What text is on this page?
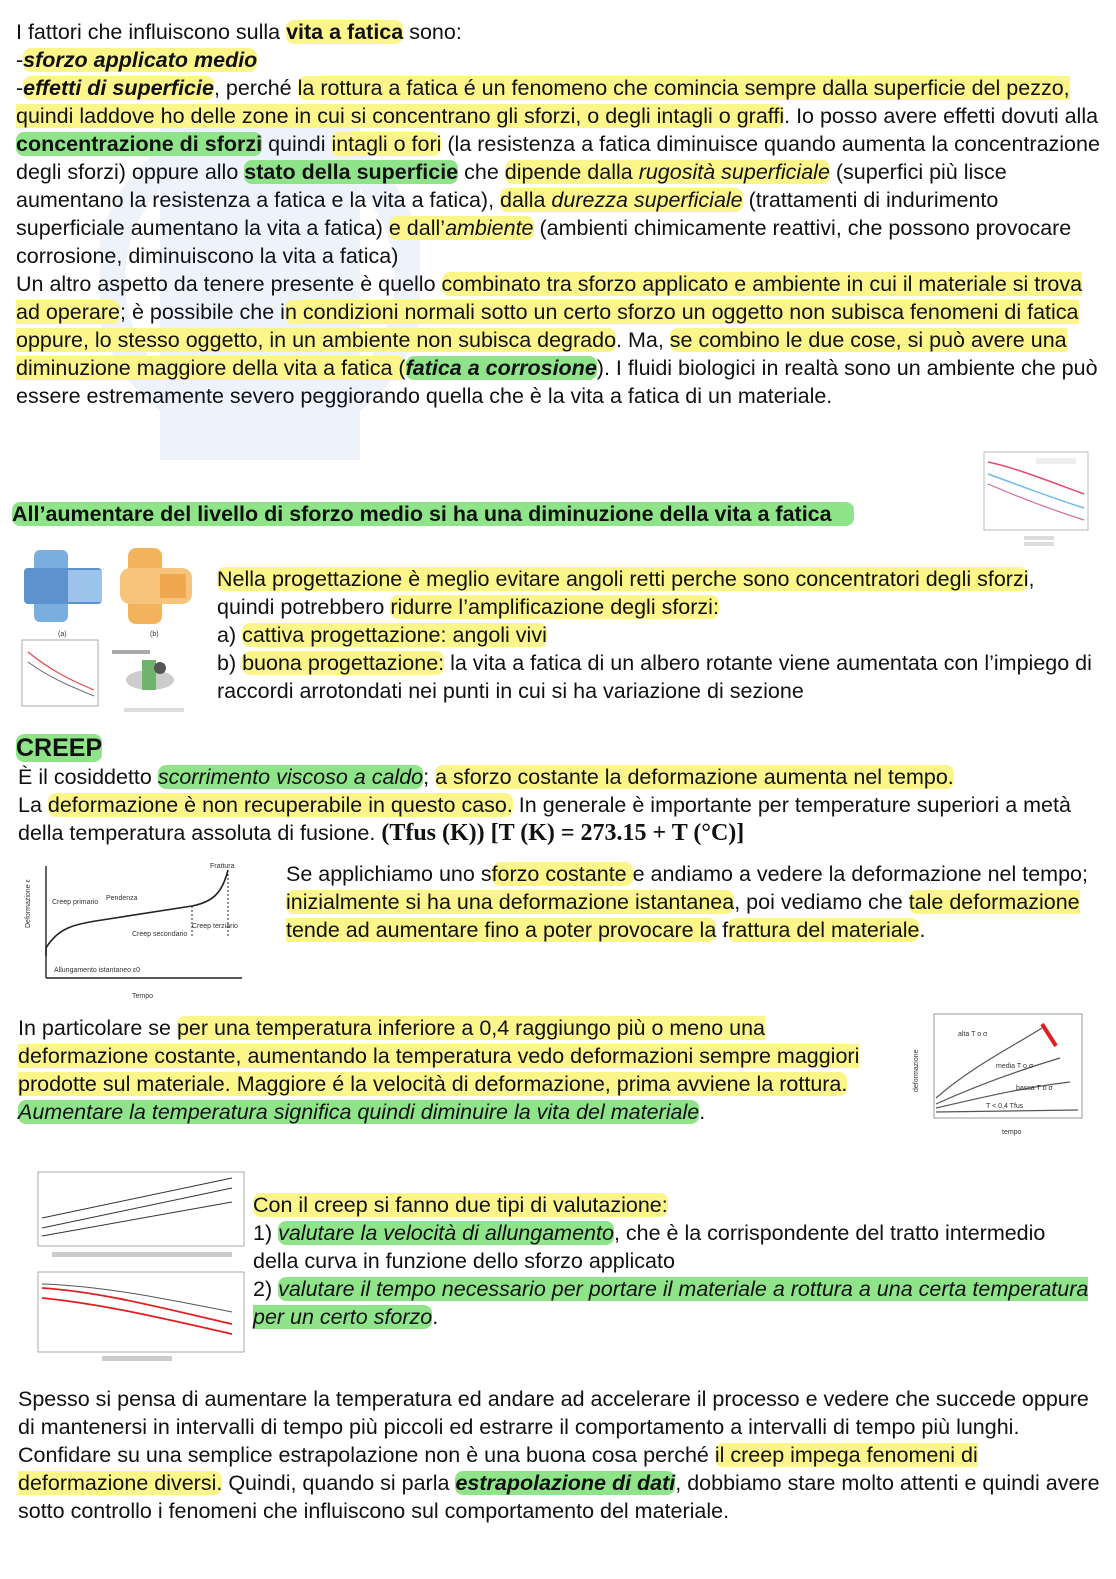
I fattori che influiscono sulla vita a fatica sono:
-sforzo applicato medio
-effetti di superficie, perché la rottura a fatica é un fenomeno che comincia sempre dalla superficie del pezzo, quindi laddove ho delle zone in cui si concentrano gli sforzi, o degli intagli o graffi. Io posso avere effetti dovuti alla concentrazione di sforzi quindi intagli o fori (la resistenza a fatica diminuisce quando aumenta la concentrazione degli sforzi) oppure allo stato della superficie che dipende dalla rugosità superficiale (superfici più lisce aumentano la resistenza a fatica e la vita a fatica), dalla durezza superficiale (trattamenti di indurimento superficiale aumentano la vita a fatica) e dall’ambiente (ambienti chimicamente reattivi, che possono provocare corrosione, diminuiscono la vita a fatica)
Un altro aspetto da tenere presente è quello combinato tra sforzo applicato e ambiente in cui il materiale si trova ad operare; è possibile che in condizioni normali sotto un certo sforzo un oggetto non subisca fenomeni di fatica oppure, lo stesso oggetto, in un ambiente non subisca degrado. Ma, se combino le due cose, si può avere una diminuzione maggiore della vita a fatica (fatica a corrosione). I fluidi biologici in realtà sono un ambiente che può essere estremamente severo peggiorando quella che è la vita a fatica di un materiale.
All’aumentare del livello di sforzo medio si ha una diminuzione della vita a fatica
(a)	(b)
Nella progettazione è meglio evitare angoli retti perche sono concentratori degli sforzi, quindi potrebbero ridurre l’amplificazione degli sforzi:
a) cattiva progettazione: angoli vivi
b) buona progettazione: la vita a fatica di un albero rotante viene aumentata con l’impiego di raccordi arrotondati nei punti in cui si ha variazione di sezione
CREEP
È il cosiddetto scorrimento viscoso a caldo; a sforzo costante la deformazione aumenta nel tempo.
La deformazione è non recuperabile in questo caso. In generale è importante per temperature superiori a metà della temperatura assoluta di fusione. (Tfus (K)) [T (K) = 273.15 + T (°C)]
Deformazione ε
Tempo
Allungamento istantaneo ε0
Creep primario
Pendenza
Creep secondario
Creep terziario
Frattura Se applichiamo uno sforzo costante e andiamo a vedere la deformazione nel tempo; inizialmente si ha una deformazione istantanea, poi vediamo che tale deformazione tende ad aumentare fino a poter provocare la frattura del materiale.
In particolare se per una temperatura inferiore a 0,4 raggiungo più o meno una deformazione costante, aumentando la temperatura vedo deformazioni sempre maggiori prodotte sul materiale. Maggiore é la velocità di deformazione, prima avviene la rottura.
Aumentare la temperatura significa quindi diminuire la vita del materiale.
deformazione
tempo
alta T o σ
media T o σ
bassa T o σ
T < 0,4 Tfus
Con il creep si fanno due tipi di valutazione:
1) valutare la velocità di allungamento, che è la corrispondente del tratto intermedio della curva in funzione dello sforzo applicato
2) valutare il tempo necessario per portare il materiale a rottura a una certa temperatura per un certo sforzo.
Spesso si pensa di aumentare la temperatura ed andare ad accelerare il processo e vedere che succede oppure di mantenersi in intervalli di tempo più piccoli ed estrarre il comportamento a intervalli di tempo più lunghi.
Confidare su una semplice estrapolazione non è una buona cosa perché il creep impega fenomeni di deformazione diversi. Quindi, quando si parla estrapolazione di dati, dobbiamo stare molto attenti e quindi avere sotto controllo i fenomeni che influiscono sul comportamento del materiale.
